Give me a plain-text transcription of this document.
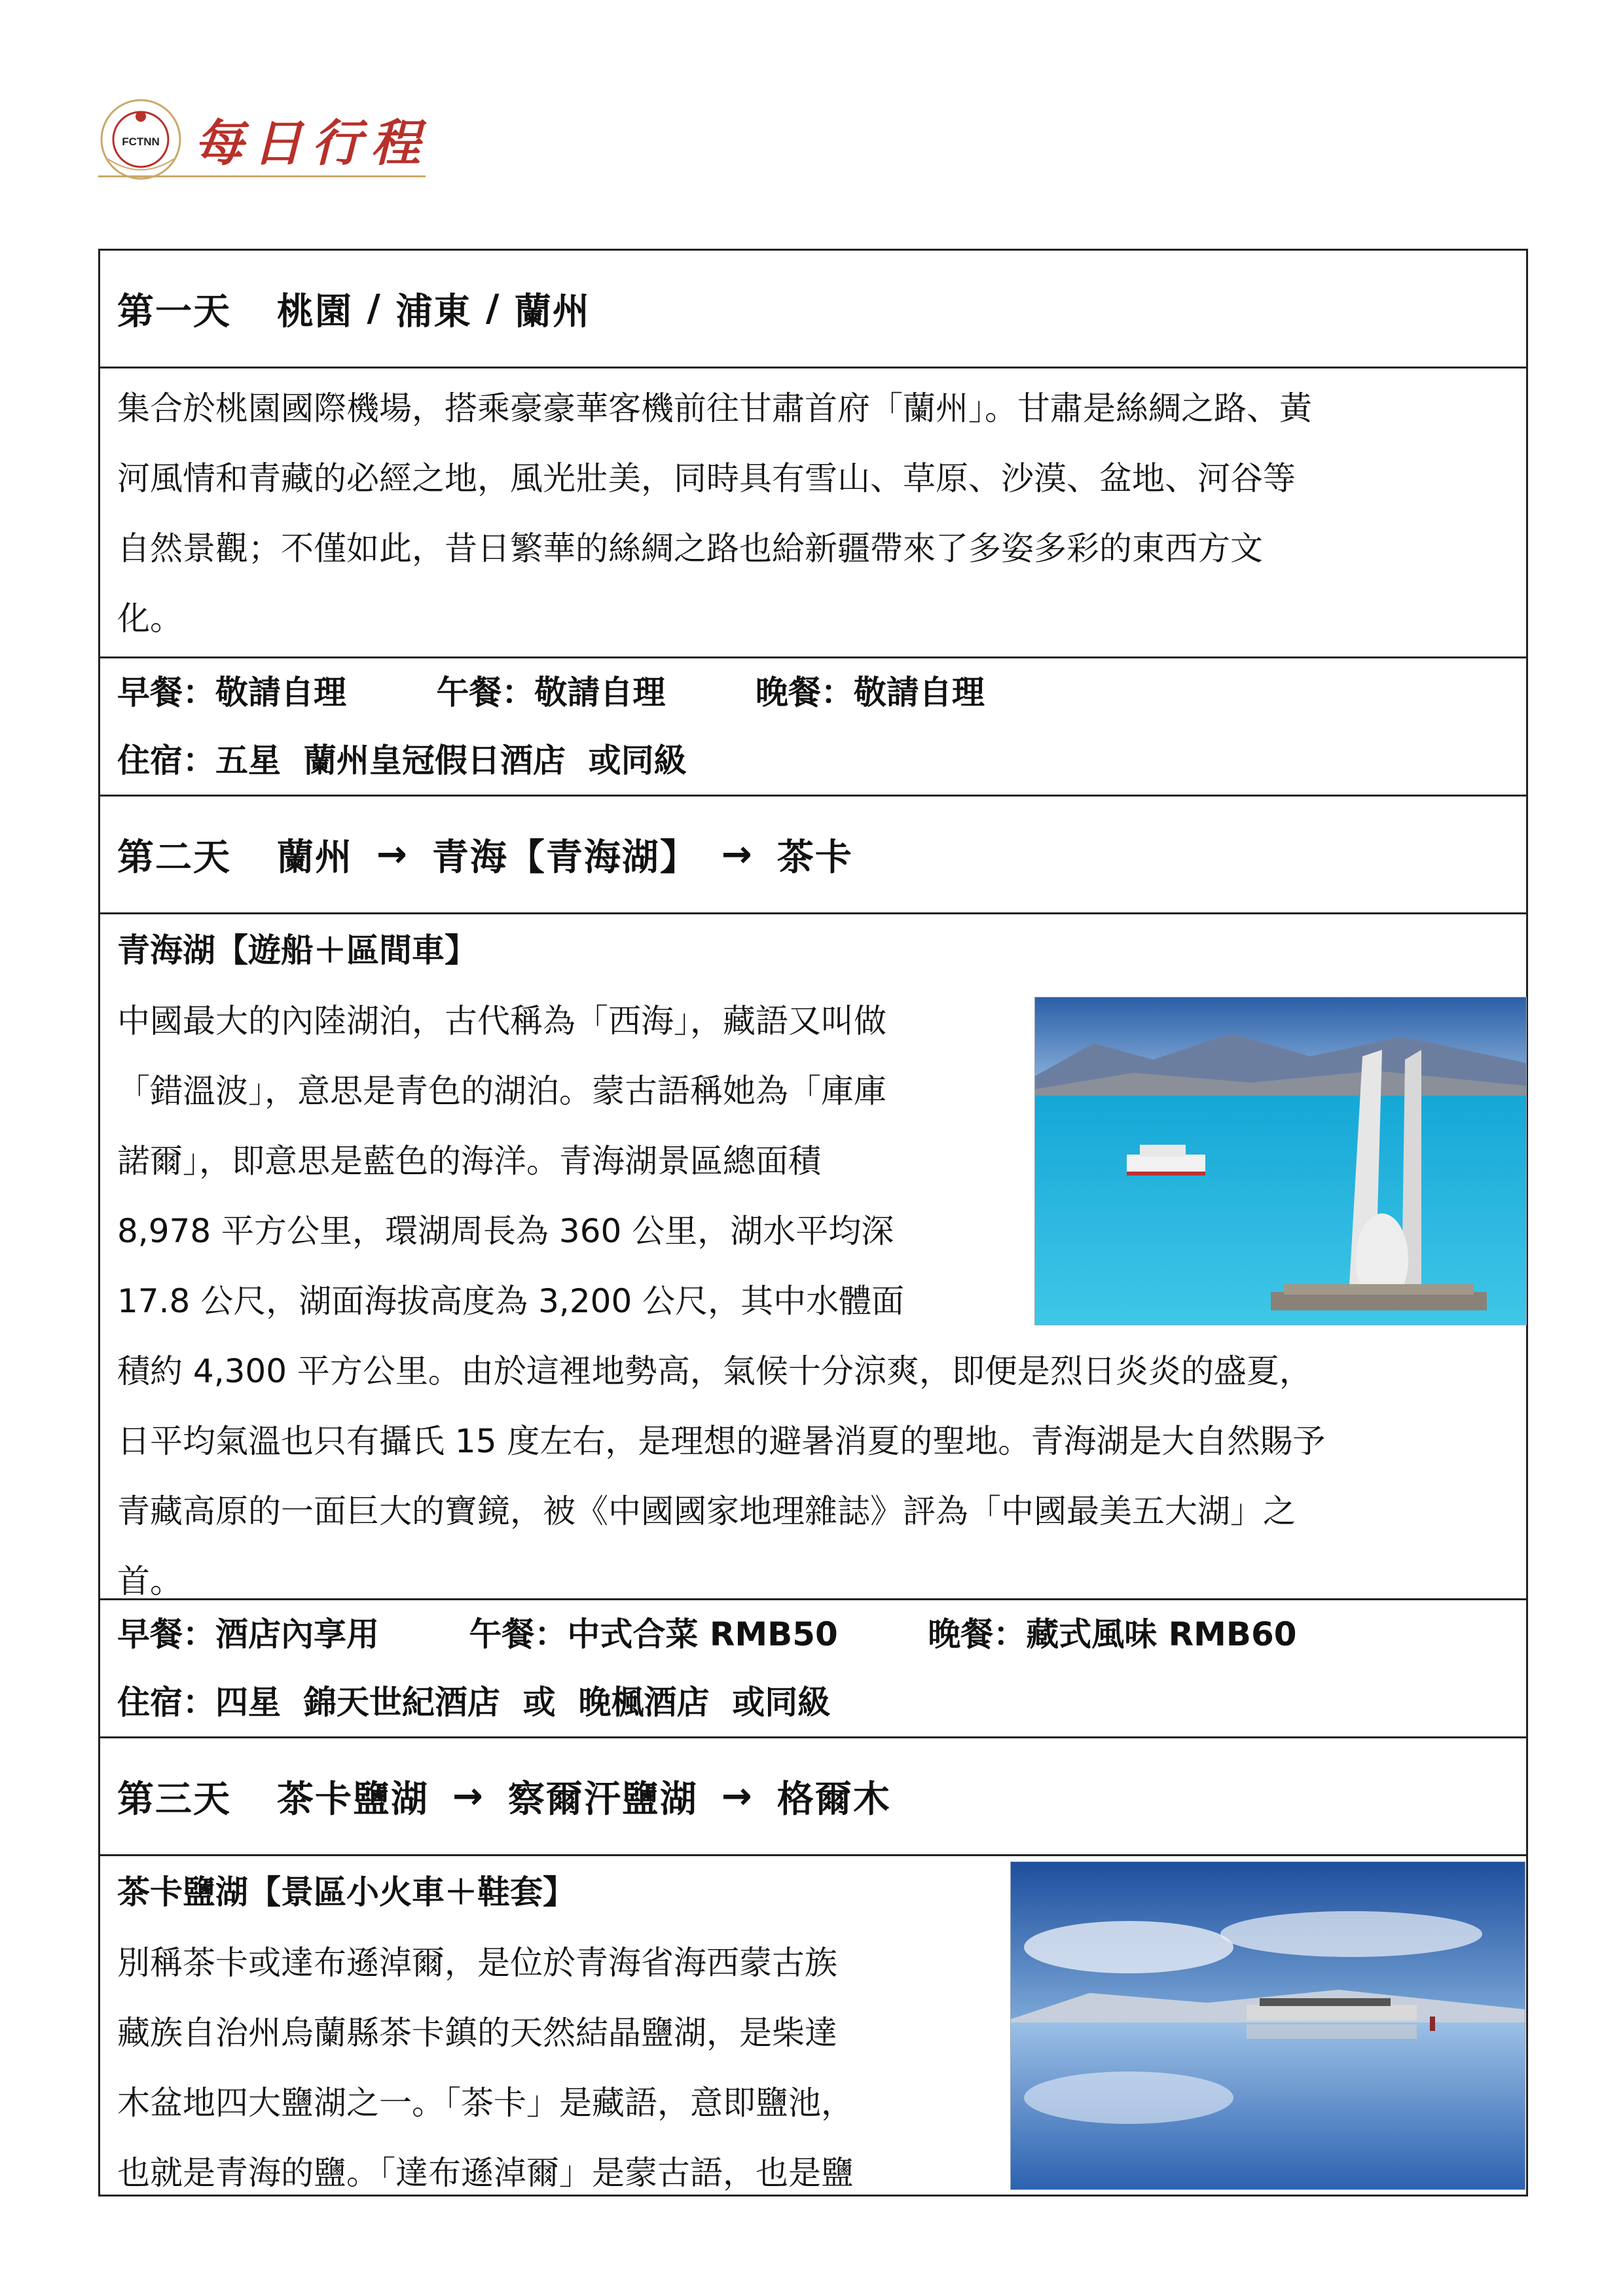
FCTNN 每日行程
第一天 桃園 / 浦東 / 蘭州

集合於桃園國際機場，搭乘豪豪華客機前往甘肅首府「蘭州」。甘肅是絲綢之路、黃

河風情和青藏的必經之地，風光壯美，同時具有雪山、草原、沙漠、盆地、河谷等

自然景觀；不僅如此，昔日繁華的絲綢之路也給新疆帶來了多姿多彩的東西方文

化。

早餐：敬請自理	午餐：敬請自理	晚餐：敬請自理
住宿：五星  蘭州皇冠假日酒店  或同級
第二天 蘭州 → 青海【青海湖】 → 茶卡
青海湖【遊船＋區間車】
中國最大的內陸湖泊，古代稱為「西海」，藏語又叫做
「錯溫波」，意思是青色的湖泊。蒙古語稱她為「庫庫
諾爾」，即意思是藍色的海洋。青海湖景區總面積
8,978 平方公里，環湖周長為 360 公里，湖水平均深
17.8 公尺，湖面海拔高度為 3,200 公尺，其中水體面
積約 4,300 平方公里。由於這裡地勢高，氣候十分涼爽，即便是烈日炎炎的盛夏，
日平均氣溫也只有攝氏 15 度左右，是理想的避暑消夏的聖地。青海湖是大自然賜予
青藏高原的一面巨大的寶鏡，被《中國國家地理雜誌》評為「中國最美五大湖」之
首。
早餐：酒店內享用	午餐：中式合菜 RMB50	晚餐：藏式風味 RMB60
住宿：四星  錦天世紀酒店  或  晚楓酒店  或同級
第三天 茶卡鹽湖 → 察爾汗鹽湖 → 格爾木
茶卡鹽湖【景區小火車＋鞋套】
別稱茶卡或達布遜淖爾，是位於青海省海西蒙古族
藏族自治州烏蘭縣茶卡鎮的天然結晶鹽湖，是柴達
木盆地四大鹽湖之一。「茶卡」是藏語，意即鹽池，
也就是青海的鹽。「達布遜淖爾」是蒙古語，也是鹽
